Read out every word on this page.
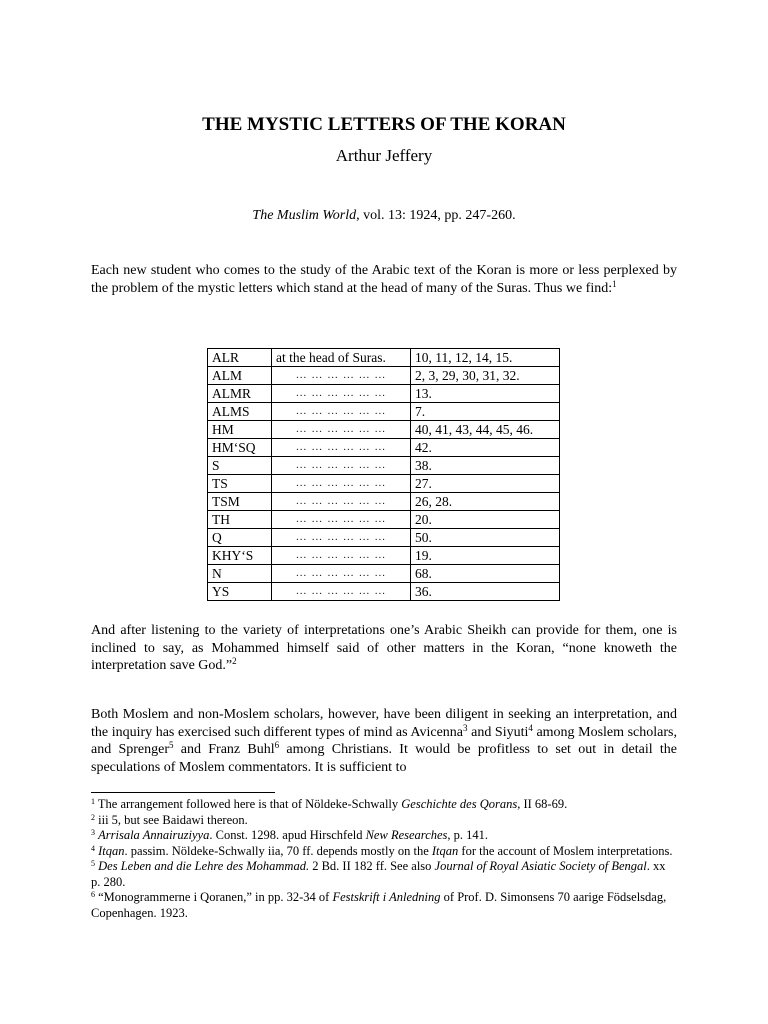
THE MYSTIC LETTERS OF THE KORAN
Arthur Jeffery
The Muslim World, vol. 13: 1924, pp. 247-260.

Each new student who comes to the study of the Arabic text of the Koran is more or less perplexed by the problem of the mystic letters which stand at the head of many of the Suras. Thus we find:$^1$

ALR	at the head of Suras.	10, 11, 12, 14, 15.
ALM	… … … … … …	2, 3, 29, 30, 31, 32.
ALMR	… … … … … …	13.
ALMS	… … … … … …	7.
HM	… … … … … …	40, 41, 43, 44, 45, 46.
HM‘SQ	… … … … … …	42.
S	… … … … … …	38.
TS	… … … … … …	27.
TSM	… … … … … …	26, 28.
TH	… … … … … …	20.
Q	… … … … … …	50.
KHY‘S	… … … … … …	19.
N	… … … … … …	68.
YS	… … … … … …	36.

And after listening to the variety of interpretations one’s Arabic Sheikh can provide for them, one is inclined to say, as Mohammed himself said of other matters in the Koran, “none knoweth the interpretation save God.”$^2$

Both Moslem and non-Moslem scholars, however, have been diligent in seeking an interpretation, and the inquiry has exercised such different types of mind as Avicenna$^3$ and Siyuti$^4$ among Moslem scholars, and Sprenger$^5$ and Franz Buhl$^6$ among Christians. It would be profitless to set out in detail the speculations of Moslem commentators. It is sufficient to

$^1$ The arrangement followed here is that of Nöldeke-Schwally Geschichte des Qorans, II 68-69.
$^2$ iii 5, but see Baidawi thereon.
$^3$ Arrisala Annairuziyya. Const. 1298. apud Hirschfeld New Researches, p. 141.
$^4$ Itqan. passim. Nöldeke-Schwally iia, 70 ff. depends mostly on the Itqan for the account of Moslem interpretations.
$^5$ Des Leben and die Lehre des Mohammad. 2 Bd. II 182 ff. See also Journal of Royal Asiatic Society of Bengal. xx p. 280.
$^6$ “Monogrammerne i Qoranen,” in pp. 32-34 of Festskrift i Anledning of Prof. D. Simonsens 70 aarige Födselsdag, Copenhagen. 1923.
